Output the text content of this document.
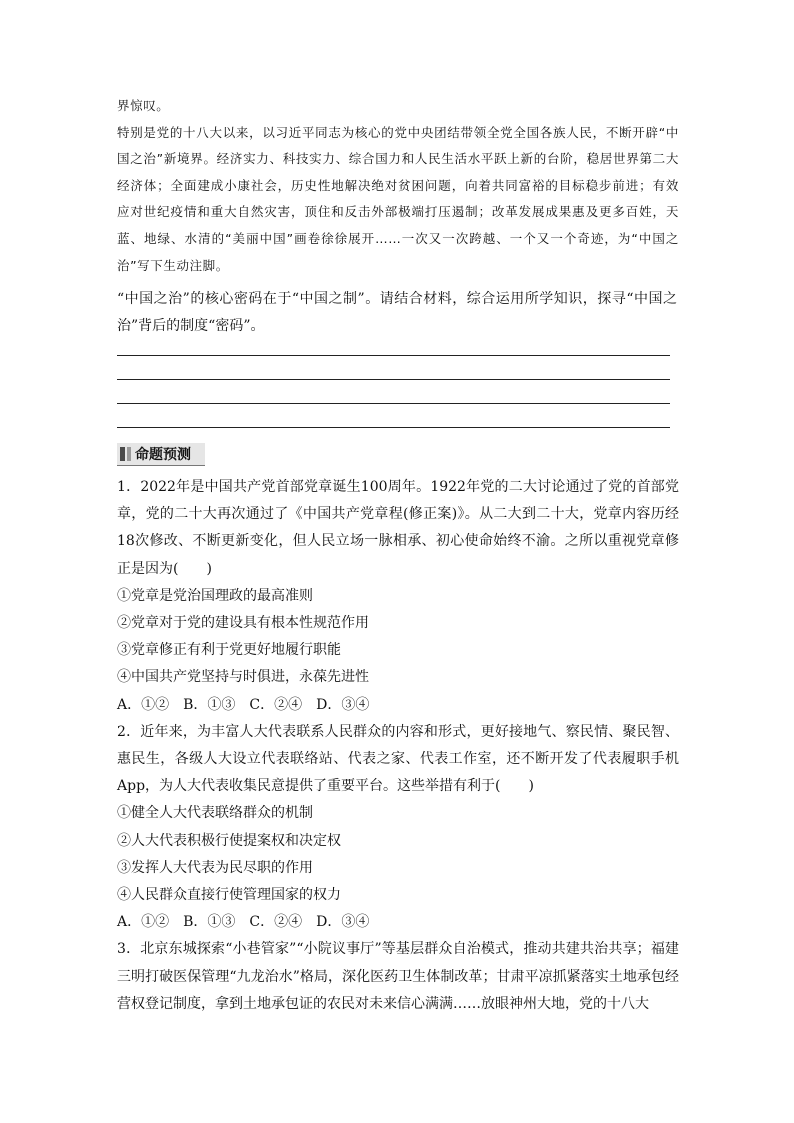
界惊叹。

特别是党的十八大以来，以习近平同志为核心的党中央团结带领全党全国各族人民，不断开辟“中国之治”新境界。经济实力、科技实力、综合国力和人民生活水平跃上新的台阶，稳居世界第二大经济体；全面建成小康社会，历史性地解决绝对贫困问题，向着共同富裕的目标稳步前进；有效应对世纪疫情和重大自然灾害，顶住和反击外部极端打压遏制；改革发展成果惠及更多百姓，天蓝、地绿、水清的“美丽中国”画卷徐徐展开……一次又一次跨越、一个又一个奇迹，为“中国之治”写下生动注脚。

“中国之治”的核心密码在于“中国之制”。请结合材料，综合运用所学知识，探寻“中国之治”背后的制度“密码”。
命题预测

1．2022年是中国共产党首部党章诞生100周年。1922年党的二大讨论通过了党的首部党章，党的二十大再次通过了《中国共产党章程(修正案)》。从二大到二十大，党章内容历经18次修改、不断更新变化，但人民立场一脉相承、初心使命始终不渝。之所以重视党章修正是因为(　　)

①党章是党治国理政的最高准则

②党章对于党的建设具有根本性规范作用

③党章修正有利于党更好地履行职能

④中国共产党坚持与时俱进，永葆先进性

A．①②　B．①③　C．②④　D．③④

2．近年来，为丰富人大代表联系人民群众的内容和形式，更好接地气、察民情、聚民智、惠民生，各级人大设立代表联络站、代表之家、代表工作室，还不断开发了代表履职手机App，为人大代表收集民意提供了重要平台。这些举措有利于(　　)

①健全人大代表联络群众的机制

②人大代表积极行使提案权和决定权

③发挥人大代表为民尽职的作用

④人民群众直接行使管理国家的权力

A．①②　B．①③　C．②④　D．③④

3．北京东城探索“小巷管家”“小院议事厅”等基层群众自治模式，推动共建共治共享；福建三明打破医保管理“九龙治水”格局，深化医药卫生体制改革；甘肃平凉抓紧落实土地承包经营权登记制度，拿到土地承包证的农民对未来信心满满……放眼神州大地，党的十八大
